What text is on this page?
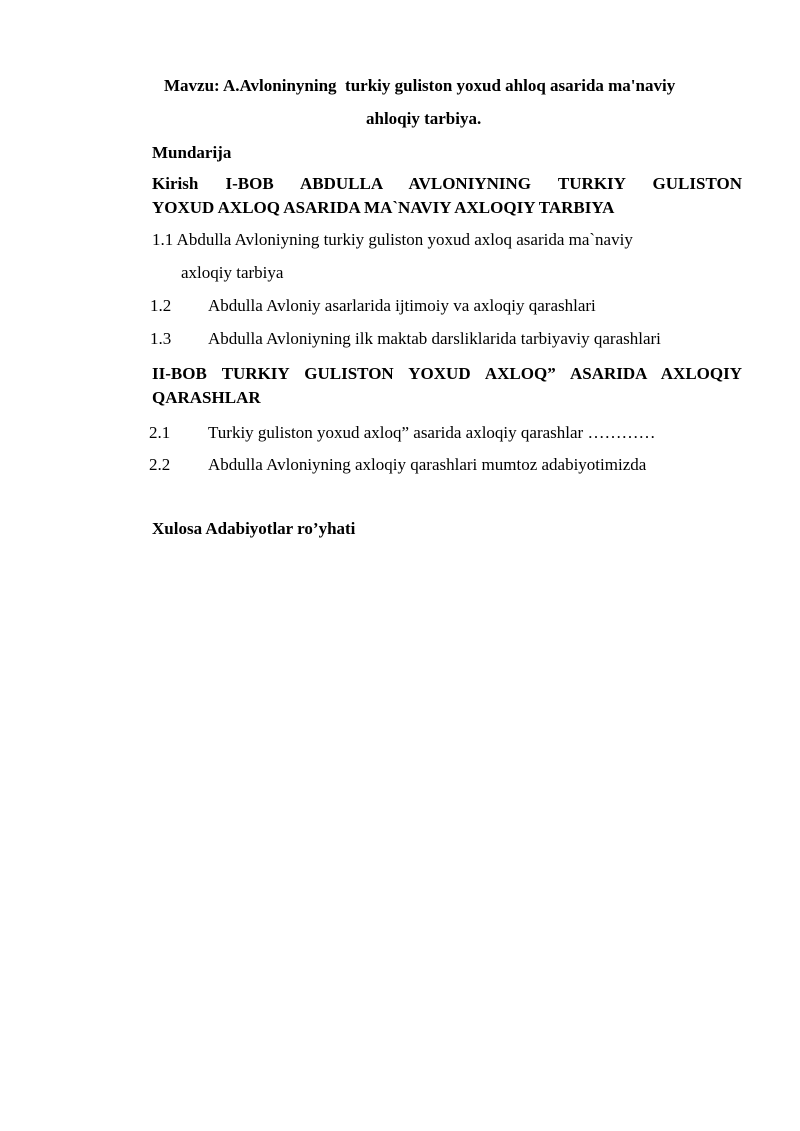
Mavzu: A.Avloninyning  turkiy guliston yoxud ahloq asarida ma'naviy
ahloqiy tarbiya.
Mundarija
Kirish I-BOB ABDULLA AVLONIYNING TURKIY GULISTON
YOXUD AXLOQ ASARIDA MA`NAVIY AXLOQIY TARBIYA
1.1 Abdulla Avloniyning turkiy guliston yoxud axloq asarida ma`naviy
axloqiy tarbiya
1.2 Abdulla Avloniy asarlarida ijtimoiy va axloqiy qarashlari
1.3 Abdulla Avloniyning ilk maktab darsliklarida tarbiyaviy qarashlari
II-BOB TURKIY GULISTON YOXUD AXLOQ” ASARIDA AXLOQIY
QARASHLAR
2.1 Turkiy guliston yoxud axloq” asarida axloqiy qarashlar …………
2.2 Abdulla Avloniyning axloqiy qarashlari mumtoz adabiyotimizda
Xulosa Adabiyotlar ro’yhati
